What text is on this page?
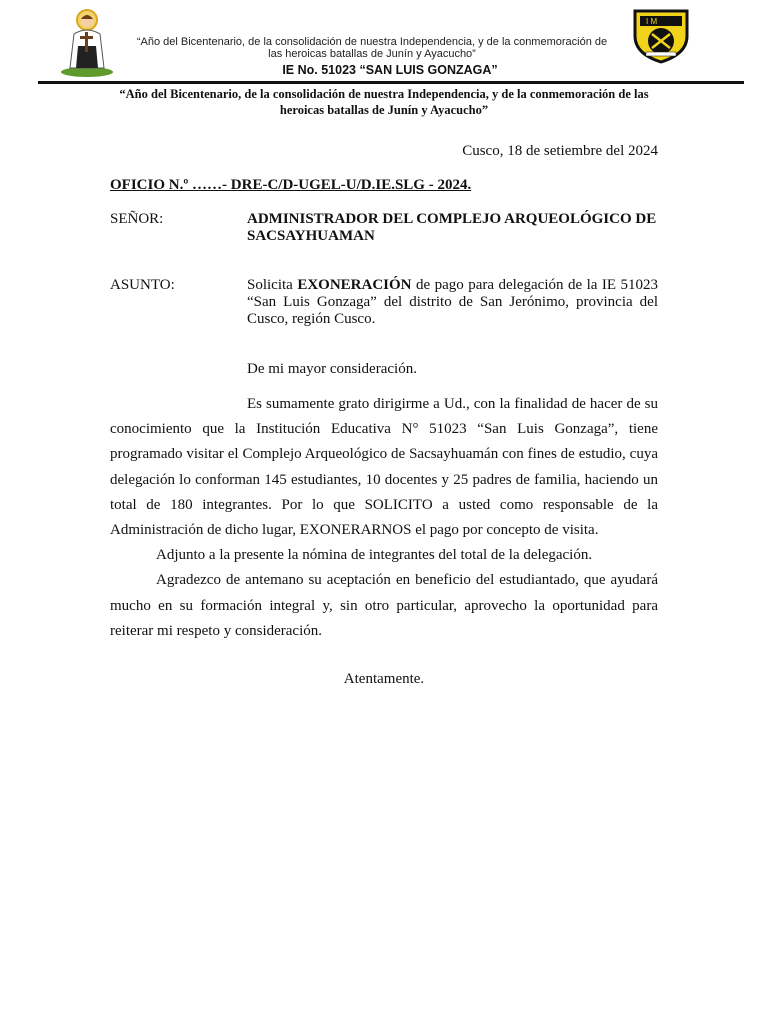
“Año del Bicentenario, de la consolidación de nuestra Independencia, y de la conmemoración de las heroicas batallas de Junín y Ayacucho”
IE No. 51023 “SAN LUIS GONZAGA”
I M
“Año del Bicentenario, de la consolidación de nuestra Independencia, y de la conmemoración de las heroicas batallas de Junín y Ayacucho”
Cusco, 18 de setiembre del 2024
OFICIO N.º ……- DRE-C/D-UGEL-U/D.IE.SLG - 2024.
SEÑOR:	ADMINISTRADOR DEL COMPLEJO ARQUEOLÓGICO DE SACSAYHUAMAN
ASUNTO:	Solicita EXONERACIÓN de pago para delegación de la IE 51023 “San Luis Gonzaga” del distrito de San Jerónimo, provincia del Cusco, región Cusco.
De mi mayor consideración.

Es sumamente grato dirigirme a Ud., con la finalidad de hacer de su conocimiento que la Institución Educativa N° 51023 “San Luis Gonzaga”, tiene programado visitar el Complejo Arqueológico de Sacsayhuamán con fines de estudio, cuya delegación lo conforman 145 estudiantes, 10 docentes y 25 padres de familia, haciendo un total de 180 integrantes. Por lo que SOLICITO a usted como responsable de la Administración de dicho lugar, EXONERARNOS el pago por concepto de visita.

Adjunto a la presente la nómina de integrantes del total de la delegación.

Agradezco de antemano su aceptación en beneficio del estudiantado, que ayudará mucho en su formación integral y, sin otro particular, aprovecho la oportunidad para reiterar mi respeto y consideración.

Atentamente.
